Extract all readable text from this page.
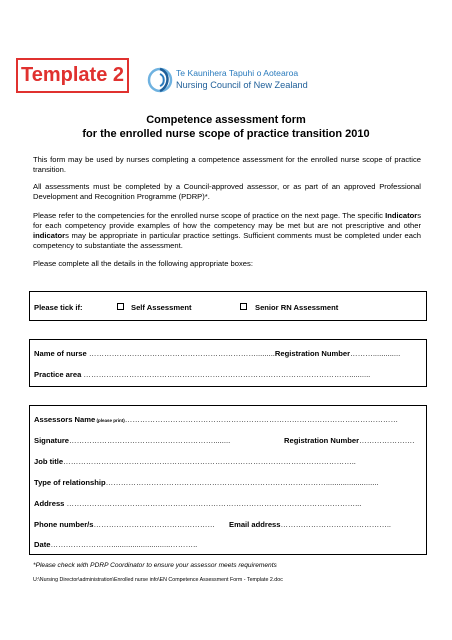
Template 2	Te Kaunihera Tapuhi o Aotearoa
Nursing Council of New Zealand
Competence assessment form
for the enrolled nurse scope of practice transition 2010
This form may be used by nurses completing a competence assessment for the enrolled nurse scope of practice transition.
All assessments must be completed by a Council-approved assessor, or as part of an approved Professional Development and Recognition Programme (PDRP)*.
Please refer to the competencies for the enrolled nurse scope of practice on the next page. The specific Indicators for each competency provide examples of how the competency may be met but are not prescriptive and other indicators may be appropriate in particular practice settings. Sufficient comments must be completed under each competency to substantiate the assessment.
Please complete all the details in the following appropriate boxes:
Please tick if:	Self Assessment	Senior RN Assessment
Name of nurse ………………………………………………………….........Registration Number……….............
Practice area ……………………………………………………………………………………………..........
Assessors Name (please print)………………………………………………………………………………………………
Signature…………………………………………………........	Registration Number………………….
Job title……………………………………………………………………………………………………..
Type of relationship…………………………………………………………………………….........................
Address ……………………………………………………………………………………………………...
Phone number/s………………………………………… Email address……………………………………..
Date……………………............................………..
*Please check with PDRP Coordinator to ensure your assessor meets requirements
U:\Nursing Director\administration\Enrolled nurse info\EN Competence Assessment Form - Template 2.doc
